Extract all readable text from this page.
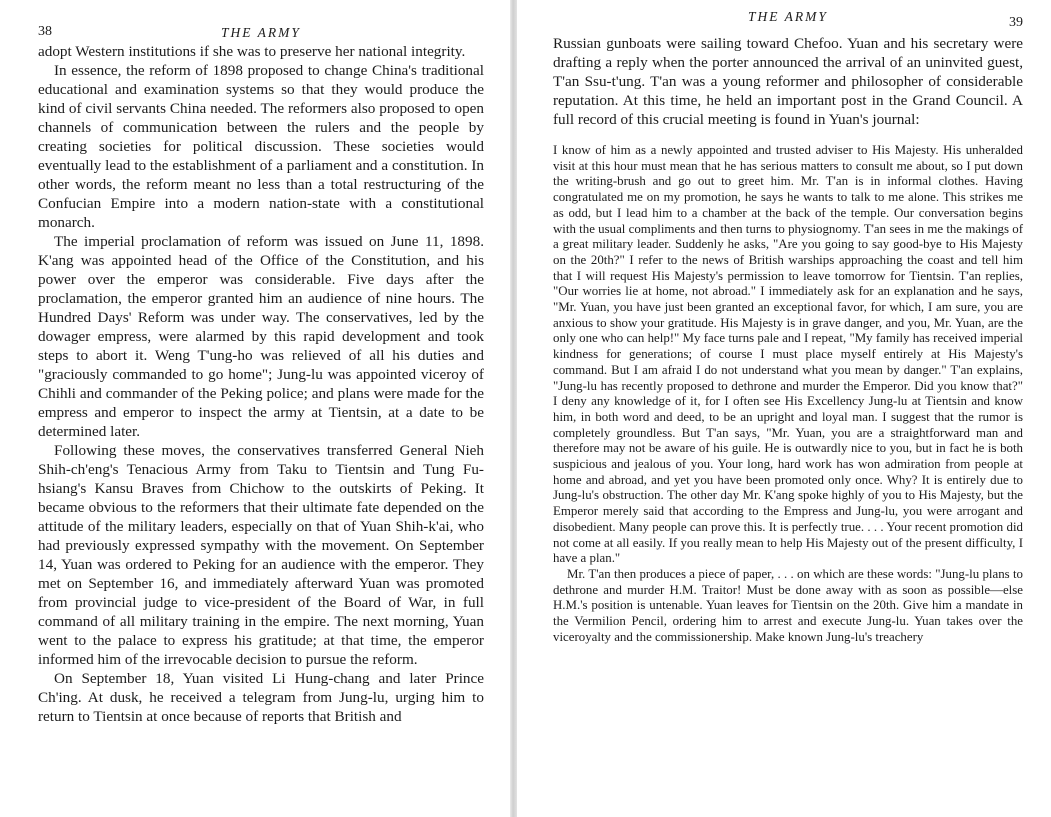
38	THE ARMY

adopt Western institutions if she was to preserve her national integrity.

In essence, the reform of 1898 proposed to change China's traditional educational and examination systems so that they would produce the kind of civil servants China needed. The reformers also proposed to open channels of communication between the rulers and the people by creating societies for political discussion. These societies would eventually lead to the establishment of a parliament and a constitution. In other words, the reform meant no less than a total restructuring of the Confucian Empire into a modern nation-state with a constitutional monarch.

The imperial proclamation of reform was issued on June 11, 1898. K'ang was appointed head of the Office of the Constitution, and his power over the emperor was considerable. Five days after the proclamation, the emperor granted him an audience of nine hours. The Hundred Days' Reform was under way. The conservatives, led by the dowager empress, were alarmed by this rapid development and took steps to abort it. Weng T'ung-ho was relieved of all his duties and "graciously commanded to go home"; Jung-lu was appointed viceroy of Chihli and commander of the Peking police; and plans were made for the empress and emperor to inspect the army at Tientsin, at a date to be determined later.

Following these moves, the conservatives transferred General Nieh Shih-ch'eng's Tenacious Army from Taku to Tientsin and Tung Fu-hsiang's Kansu Braves from Chichow to the outskirts of Peking. It became obvious to the reformers that their ultimate fate depended on the attitude of the military leaders, especially on that of Yuan Shih-k'ai, who had previously expressed sympathy with the movement. On September 14, Yuan was ordered to Peking for an audience with the emperor. They met on September 16, and immediately afterward Yuan was promoted from provincial judge to vice-president of the Board of War, in full command of all military training in the empire. The next morning, Yuan went to the palace to express his gratitude; at that time, the emperor informed him of the irrevocable decision to pursue the reform.

On September 18, Yuan visited Li Hung-chang and later Prince Ch'ing. At dusk, he received a telegram from Jung-lu, urging him to return to Tientsin at once because of reports that British and

THE ARMY	39

Russian gunboats were sailing toward Chefoo. Yuan and his secretary were drafting a reply when the porter announced the arrival of an uninvited guest, T'an Ssu-t'ung. T'an was a young reformer and philosopher of considerable reputation. At this time, he held an important post in the Grand Council. A full record of this crucial meeting is found in Yuan's journal:

I know of him as a newly appointed and trusted adviser to His Majesty. His unheralded visit at this hour must mean that he has serious matters to consult me about, so I put down the writing-brush and go out to greet him. Mr. T'an is in informal clothes. Having congratulated me on my promotion, he says he wants to talk to me alone. This strikes me as odd, but I lead him to a chamber at the back of the temple. Our conversation begins with the usual compliments and then turns to physiognomy. T'an sees in me the makings of a great military leader. Suddenly he asks, "Are you going to say good-bye to His Majesty on the 20th?" I refer to the news of British warships approaching the coast and tell him that I will request His Majesty's permission to leave tomorrow for Tientsin. T'an replies, "Our worries lie at home, not abroad." I immediately ask for an explanation and he says, "Mr. Yuan, you have just been granted an exceptional favor, for which, I am sure, you are anxious to show your gratitude. His Majesty is in grave danger, and you, Mr. Yuan, are the only one who can help!" My face turns pale and I repeat, "My family has received imperial kindness for generations; of course I must place myself entirely at His Majesty's command. But I am afraid I do not understand what you mean by danger." T'an explains, "Jung-lu has recently proposed to dethrone and murder the Emperor. Did you know that?" I deny any knowledge of it, for I often see His Excellency Jung-lu at Tientsin and know him, in both word and deed, to be an upright and loyal man. I suggest that the rumor is completely groundless. But T'an says, "Mr. Yuan, you are a straightforward man and therefore may not be aware of his guile. He is outwardly nice to you, but in fact he is both suspicious and jealous of you. Your long, hard work has won admiration from people at home and abroad, and yet you have been promoted only once. Why? It is entirely due to Jung-lu's obstruction. The other day Mr. K'ang spoke highly of you to His Majesty, but the Emperor merely said that according to the Empress and Jung-lu, you were arrogant and disobedient. Many people can prove this. It is perfectly true. . . . Your recent promotion did not come at all easily. If you really mean to help His Majesty out of the present difficulty, I have a plan."

Mr. T'an then produces a piece of paper, . . . on which are these words: "Jung-lu plans to dethrone and murder H.M. Traitor! Must be done away with as soon as possible—else H.M.'s position is untenable. Yuan leaves for Tientsin on the 20th. Give him a mandate in the Vermilion Pencil, ordering him to arrest and execute Jung-lu. Yuan takes over the viceroyalty and the commissionership. Make known Jung-lu's treachery
